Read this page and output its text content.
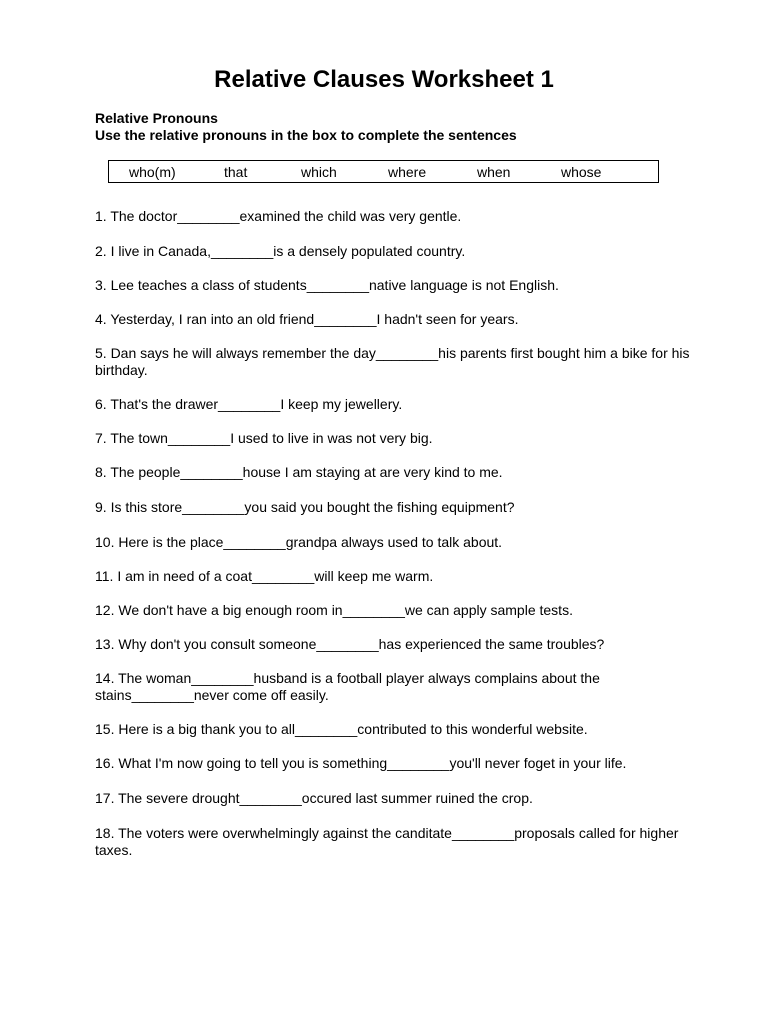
Relative Clauses Worksheet 1

Relative Pronouns

Use the relative pronouns in the box to complete the sentences

who(m)	that	which	where	when	whose

1. The doctor________examined the child was very gentle.

2. I live in Canada,________is a densely populated country.

3. Lee teaches a class of students________native language is not English.

4. Yesterday, I ran into an old friend________I hadn't seen for years.

5. Dan says he will always remember the day________his parents first bought him a bike for his birthday.

6. That's the drawer________I keep my jewellery.

7. The town________I used to live in was not very big.

8. The people________house I am staying at are very kind to me.

9. Is this store________you said you bought the fishing equipment?

10. Here is the place________grandpa always used to talk about.

11. I am in need of a coat________will keep me warm.

12. We don't have a big enough room in________we can apply sample tests.

13. Why don't you consult someone________has experienced the same troubles?

14. The woman________husband is a football player always complains about the stains________never come off easily.

15. Here is a big thank you to all________contributed to this wonderful website.

16. What I'm now going to tell you is something________you'll never foget in your life.

17. The severe drought________occured last summer ruined the crop.

18. The voters were overwhelmingly against the canditate________proposals called for higher taxes.
